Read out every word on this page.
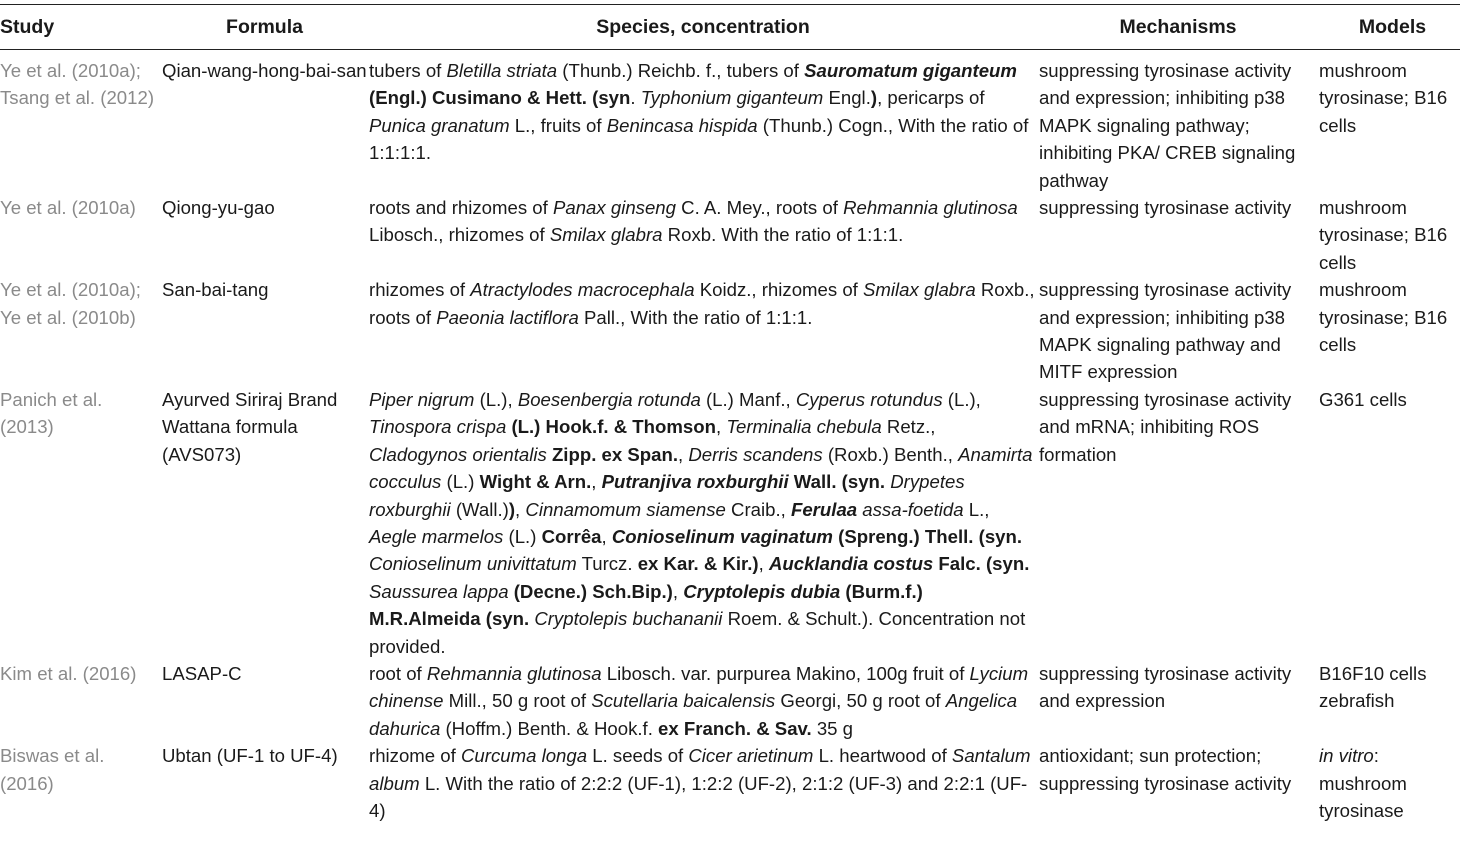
Study	Formula	Species, concentration	Mechanisms	Models
Ye et al. (2010a); Tsang et al. (2012)	Qian-wang-hong-bai-san	tubers of Bletilla striata (Thunb.) Reichb. f., tubers of Sauromatum giganteum (Engl.) Cusimano & Hett. (syn. Typhonium giganteum Engl.), pericarps of Punica granatum L., fruits of Benincasa hispida (Thunb.) Cogn., With the ratio of 1:1:1:1.	suppressing tyrosinase activity and expression; inhibiting p38 MAPK signaling pathway; inhibiting PKA/ CREB signaling pathway	mushroom tyrosinase; B16 cells
Ye et al. (2010a)	Qiong-yu-gao	roots and rhizomes of Panax ginseng C. A. Mey., roots of Rehmannia glutinosa Libosch., rhizomes of Smilax glabra Roxb. With the ratio of 1:1:1.	suppressing tyrosinase activity	mushroom tyrosinase; B16 cells
Ye et al. (2010a); Ye et al. (2010b)	San-bai-tang	rhizomes of Atractylodes macrocephala Koidz., rhizomes of Smilax glabra Roxb., roots of Paeonia lactiflora Pall., With the ratio of 1:1:1.	suppressing tyrosinase activity and expression; inhibiting p38 MAPK signaling pathway and MITF expression	mushroom tyrosinase; B16 cells
Panich et al. (2013)	Ayurved Siriraj Brand Wattana formula (AVS073)	Piper nigrum (L.), Boesenbergia rotunda (L.) Manf., Cyperus rotundus (L.), Tinospora crispa (L.) Hook.f. & Thomson, Terminalia chebula Retz., Cladogynos orientalis Zipp. ex Span., Derris scandens (Roxb.) Benth., Anamirta cocculus (L.) Wight & Arn., Putranjiva roxburghii Wall. (syn. Drypetes roxburghii (Wall.)), Cinnamomum siamense Craib., Ferulaa assa-foetida L., Aegle marmelos (L.) Corrêa, Conioselinum vaginatum (Spreng.) Thell. (syn. Conioselinum univittatum Turcz. ex Kar. & Kir.), Aucklandia costus Falc. (syn. Saussurea lappa (Decne.) Sch.Bip.), Cryptolepis dubia (Burm.f.) M.R.Almeida (syn. Cryptolepis buchananii Roem. & Schult.). Concentration not provided.	suppressing tyrosinase activity and mRNA; inhibiting ROS formation	G361 cells
Kim et al. (2016)	LASAP-C	root of Rehmannia glutinosa Libosch. var. purpurea Makino, 100g fruit of Lycium chinense Mill., 50 g root of Scutellaria baicalensis Georgi, 50 g root of Angelica dahurica (Hoffm.) Benth. & Hook.f. ex Franch. & Sav. 35 g	suppressing tyrosinase activity and expression	B16F10 cells zebrafish
Biswas et al. (2016)	Ubtan (UF-1 to UF-4)	rhizome of Curcuma longa L. seeds of Cicer arietinum L. heartwood of Santalum album L. With the ratio of 2:2:2 (UF-1), 1:2:2 (UF-2), 2:1:2 (UF-3) and 2:2:1 (UF-4)	antioxidant; sun protection; suppressing tyrosinase activity	in vitro: mushroom tyrosinase
